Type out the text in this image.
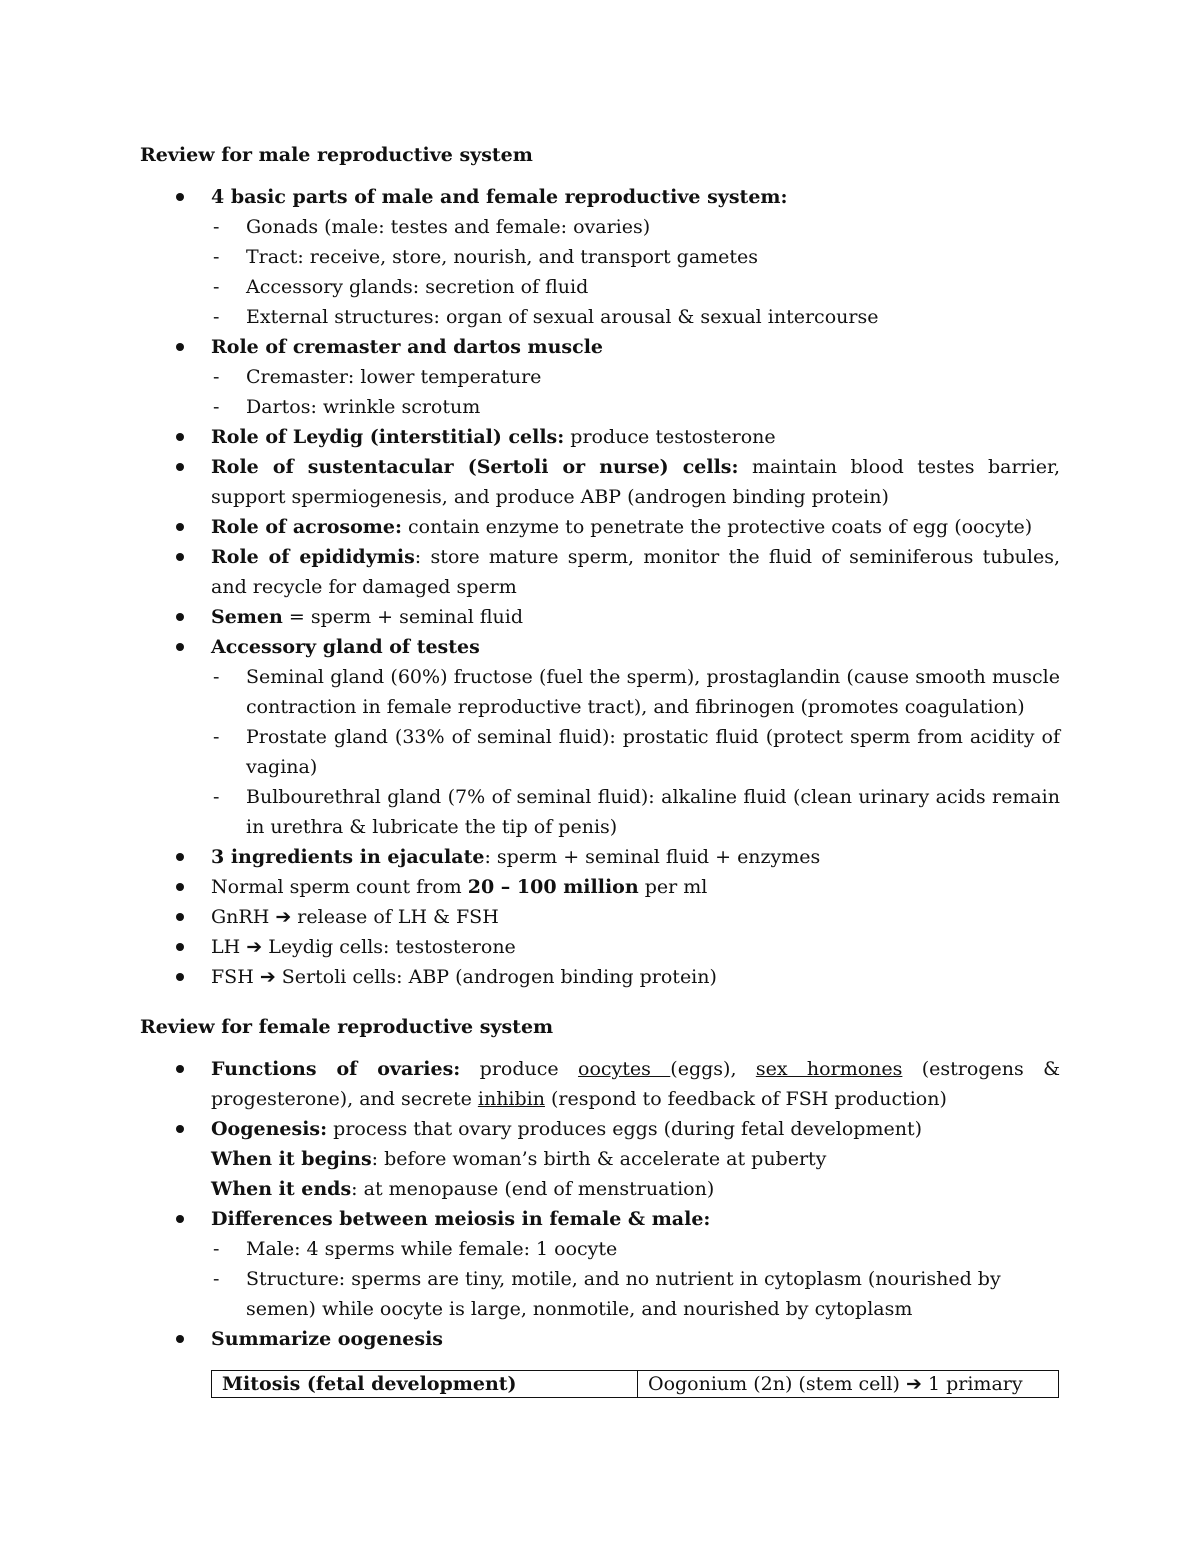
Review for male reproductive system
4 basic parts of male and female reproductive system:
- Gonads (male: testes and female: ovaries)
- Tract: receive, store, nourish, and transport gametes
- Accessory glands: secretion of fluid
- External structures: organ of sexual arousal & sexual intercourse
Role of cremaster and dartos muscle
- Cremaster: lower temperature
- Dartos: wrinkle scrotum
Role of Leydig (interstitial) cells: produce testosterone
Role of sustentacular (Sertoli or nurse) cells: maintain blood testes barrier, support spermiogenesis, and produce ABP (androgen binding protein)
Role of acrosome: contain enzyme to penetrate the protective coats of egg (oocyte)
Role of epididymis: store mature sperm, monitor the fluid of seminiferous tubules, and recycle for damaged sperm
Semen = sperm + seminal fluid
Accessory gland of testes
- Seminal gland (60%) fructose (fuel the sperm), prostaglandin (cause smooth muscle contraction in female reproductive tract), and fibrinogen (promotes coagulation)
- Prostate gland (33% of seminal fluid): prostatic fluid (protect sperm from acidity of vagina)
- Bulbourethral gland (7% of seminal fluid): alkaline fluid (clean urinary acids remain in urethra & lubricate the tip of penis)
3 ingredients in ejaculate: sperm + seminal fluid + enzymes
Normal sperm count from 20 – 100 million per ml
GnRH ➔ release of LH & FSH
LH ➔ Leydig cells: testosterone
FSH ➔ Sertoli cells: ABP (androgen binding protein)
Review for female reproductive system
Functions of ovaries: produce oocytes (eggs), sex hormones (estrogens & progesterone), and secrete inhibin (respond to feedback of FSH production)
Oogenesis: process that ovary produces eggs (during fetal development)
When it begins: before woman’s birth & accelerate at puberty
When it ends: at menopause (end of menstruation)
Differences between meiosis in female & male:
- Male: 4 sperms while female: 1 oocyte
- Structure: sperms are tiny, motile, and no nutrient in cytoplasm (nourished by semen) while oocyte is large, nonmotile, and nourished by cytoplasm
Summarize oogenesis
Mitosis (fetal development)	Oogonium (2n) (stem cell) ➔ 1 primary
